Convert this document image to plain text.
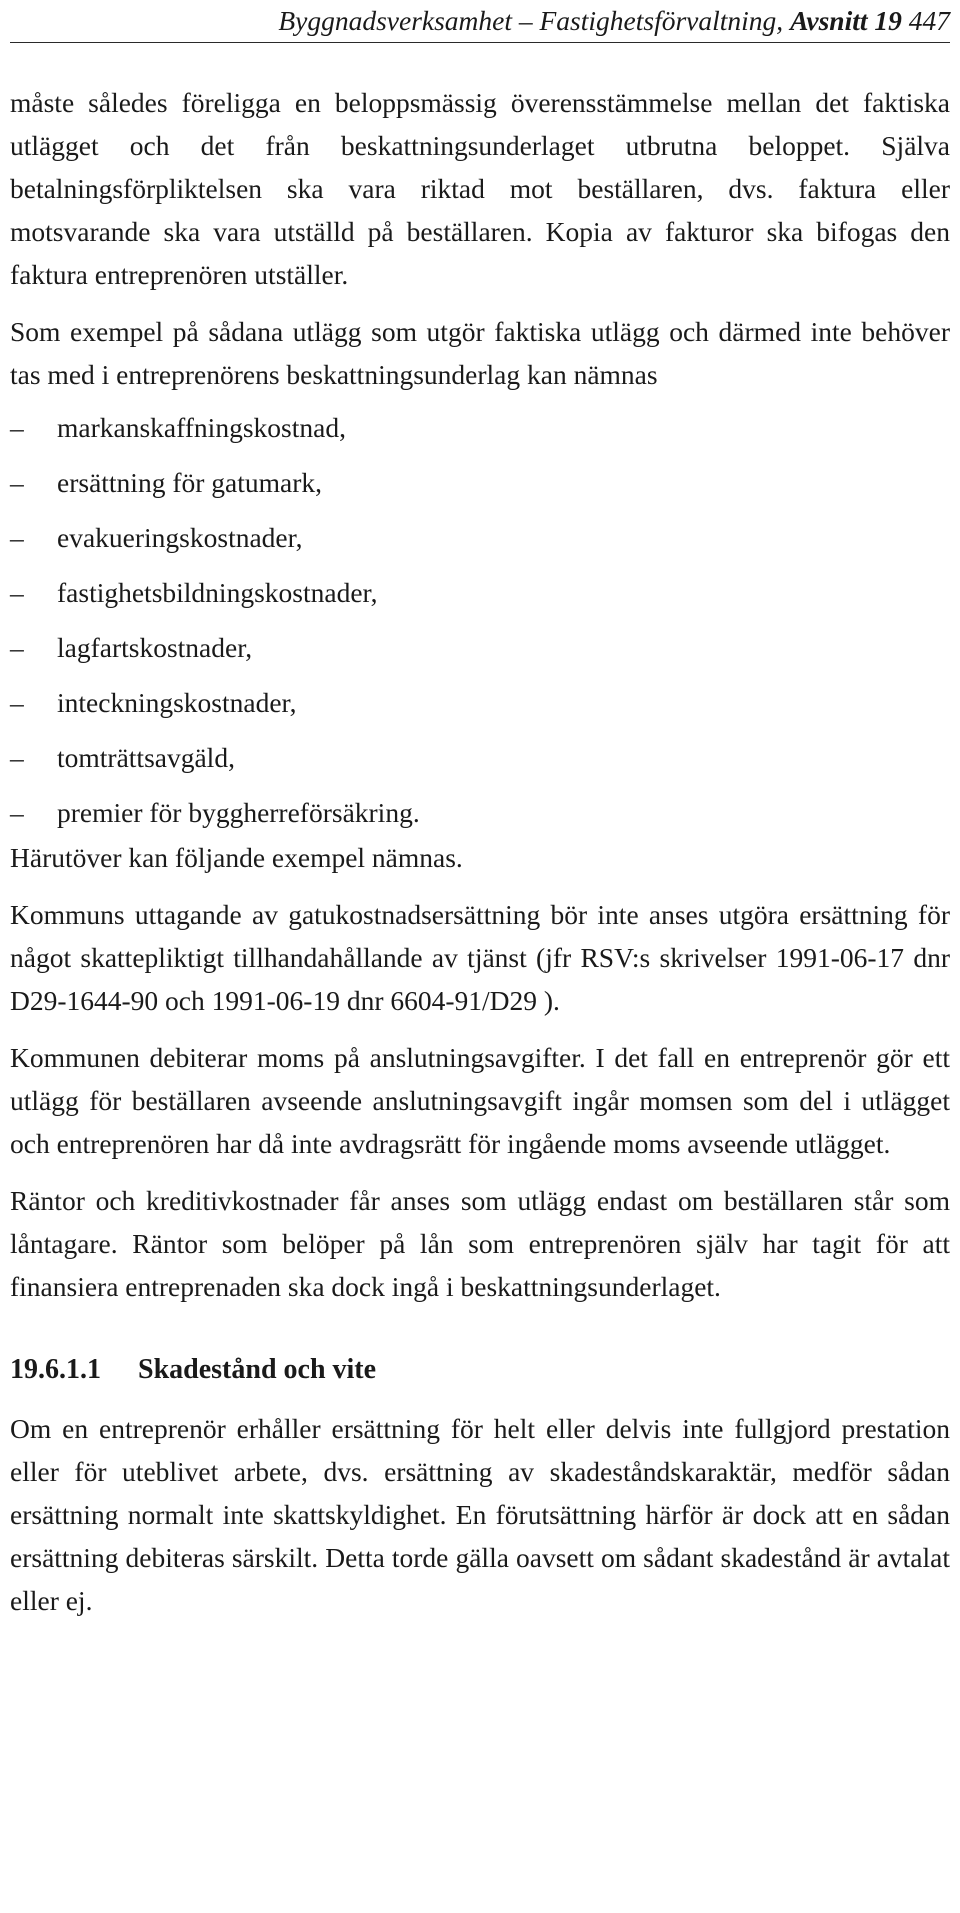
Byggnadsverksamhet – Fastighetsförvaltning, Avsnitt 19 447

måste således föreligga en beloppsmässig överensstämmelse mellan det faktiska utlägget och det från beskattningsunderlaget utbrutna beloppet. Själva betalningsförpliktelsen ska vara riktad mot beställaren, dvs. faktura eller motsvarande ska vara utställd på beställaren. Kopia av fakturor ska bifogas den faktura entreprenören utställer.

Som exempel på sådana utlägg som utgör faktiska utlägg och därmed inte behöver tas med i entreprenörens beskattningsunderlag kan nämnas

– markanskaffningskostnad,
– ersättning för gatumark,
– evakueringskostnader,
– fastighetsbildningskostnader,
– lagfartskostnader,
– inteckningskostnader,
– tomträttsavgäld,
– premier för byggherreförsäkring.

Härutöver kan följande exempel nämnas.

Kommuns uttagande av gatukostnadsersättning bör inte anses utgöra ersättning för något skattepliktigt tillhandahållande av tjänst (jfr RSV:s skrivelser 1991-06-17 dnr D29-1644-90 och 1991-06-19 dnr 6604-91/D29 ).

Kommunen debiterar moms på anslutningsavgifter. I det fall en entreprenör gör ett utlägg för beställaren avseende anslutningsavgift ingår momsen som del i utlägget och entreprenören har då inte avdragsrätt för ingående moms avseende utlägget.

Räntor och kreditivkostnader får anses som utlägg endast om beställaren står som låntagare. Räntor som belöper på lån som entreprenören själv har tagit för att finansiera entreprenaden ska dock ingå i beskattningsunderlaget.

19.6.1.1 Skadestånd och vite

Om en entreprenör erhåller ersättning för helt eller delvis inte fullgjord prestation eller för uteblivet arbete, dvs. ersättning av skadeståndskaraktär, medför sådan ersättning normalt inte skattskyldighet. En förutsättning härför är dock att en sådan ersättning debiteras särskilt. Detta torde gälla oavsett om sådant skadestånd är avtalat eller ej.
